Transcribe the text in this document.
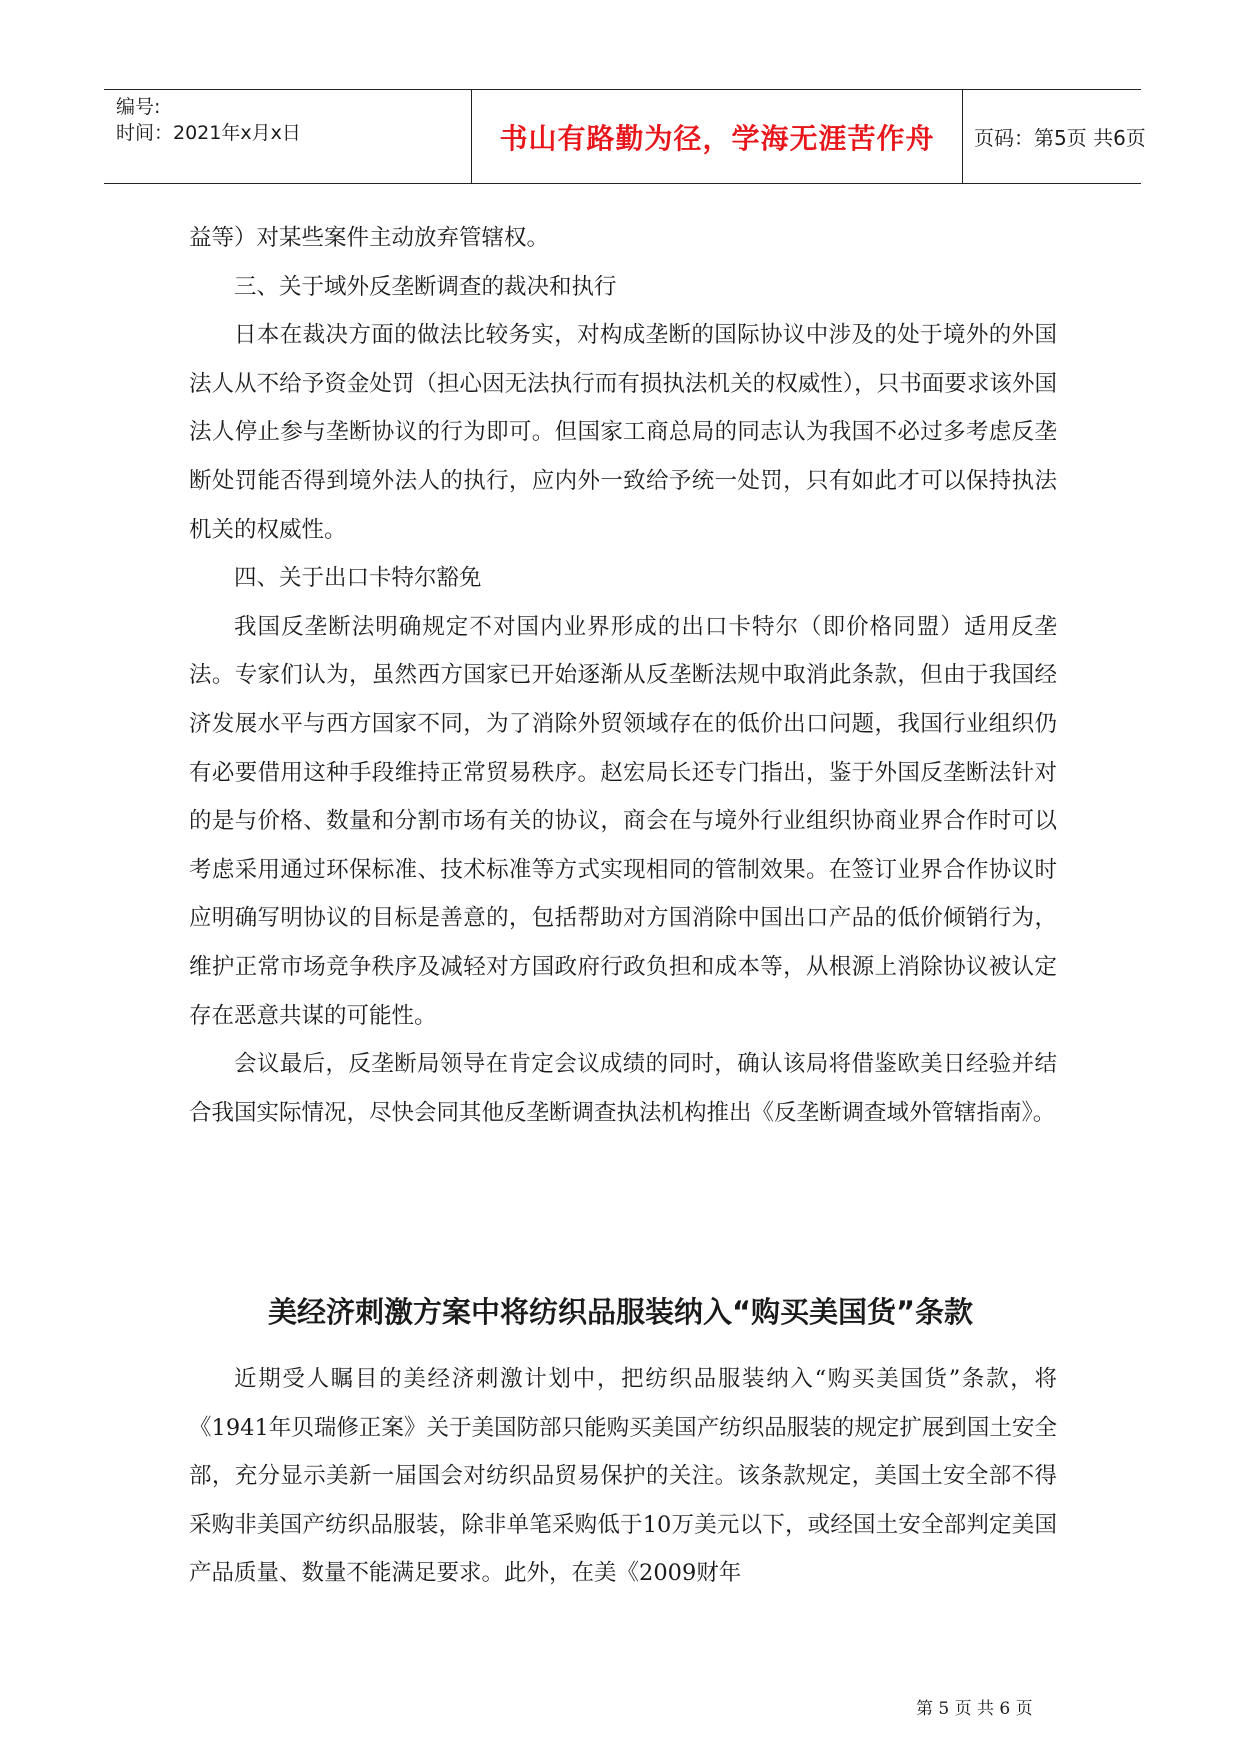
编号:
时间：2021年x月x日	书山有路勤为径，学海无涯苦作舟 页码：第5页 共6页

益等）对某些案件主动放弃管辖权。

三、关于域外反垄断调查的裁决和执行

日本在裁决方面的做法比较务实，对构成垄断的国际协议中涉及的处于境外的外国法人从不给予资金处罚（担心因无法执行而有损执法机关的权威性），只书面要求该外国法人停止参与垄断协议的行为即可。但国家工商总局的同志认为我国不必过多考虑反垄断处罚能否得到境外法人的执行，应内外一致给予统一处罚，只有如此才可以保持执法机关的权威性。

四、关于出口卡特尔豁免

我国反垄断法明确规定不对国内业界形成的出口卡特尔（即价格同盟）适用反垄法。专家们认为，虽然西方国家已开始逐渐从反垄断法规中取消此条款，但由于我国经济发展水平与西方国家不同，为了消除外贸领域存在的低价出口问题，我国行业组织仍有必要借用这种手段维持正常贸易秩序。赵宏局长还专门指出，鉴于外国反垄断法针对的是与价格、数量和分割市场有关的协议，商会在与境外行业组织协商业界合作时可以考虑采用通过环保标准、技术标准等方式实现相同的管制效果。在签订业界合作协议时应明确写明协议的目标是善意的，包括帮助对方国消除中国出口产品的低价倾销行为，维护正常市场竞争秩序及减轻对方国政府行政负担和成本等，从根源上消除协议被认定存在恶意共谋的可能性。

会议最后，反垄断局领导在肯定会议成绩的同时，确认该局将借鉴欧美日经验并结合我国实际情况，尽快会同其他反垄断调查执法机构推出《反垄断调查域外管辖指南》。

美经济刺激方案中将纺织品服装纳入“购买美国货”条款

近期受人瞩目的美经济刺激计划中，把纺织品服装纳入“购买美国货”条款，将《1941年贝瑞修正案》关于美国防部只能购买美国产纺织品服装的规定扩展到国土安全部，充分显示美新一届国会对纺织品贸易保护的关注。该条款规定，美国土安全部不得采购非美国产纺织品服装，除非单笔采购低于10万美元以下，或经国土安全部判定美国产品质量、数量不能满足要求。此外，在美《2009财年

第 5 页 共 6 页
